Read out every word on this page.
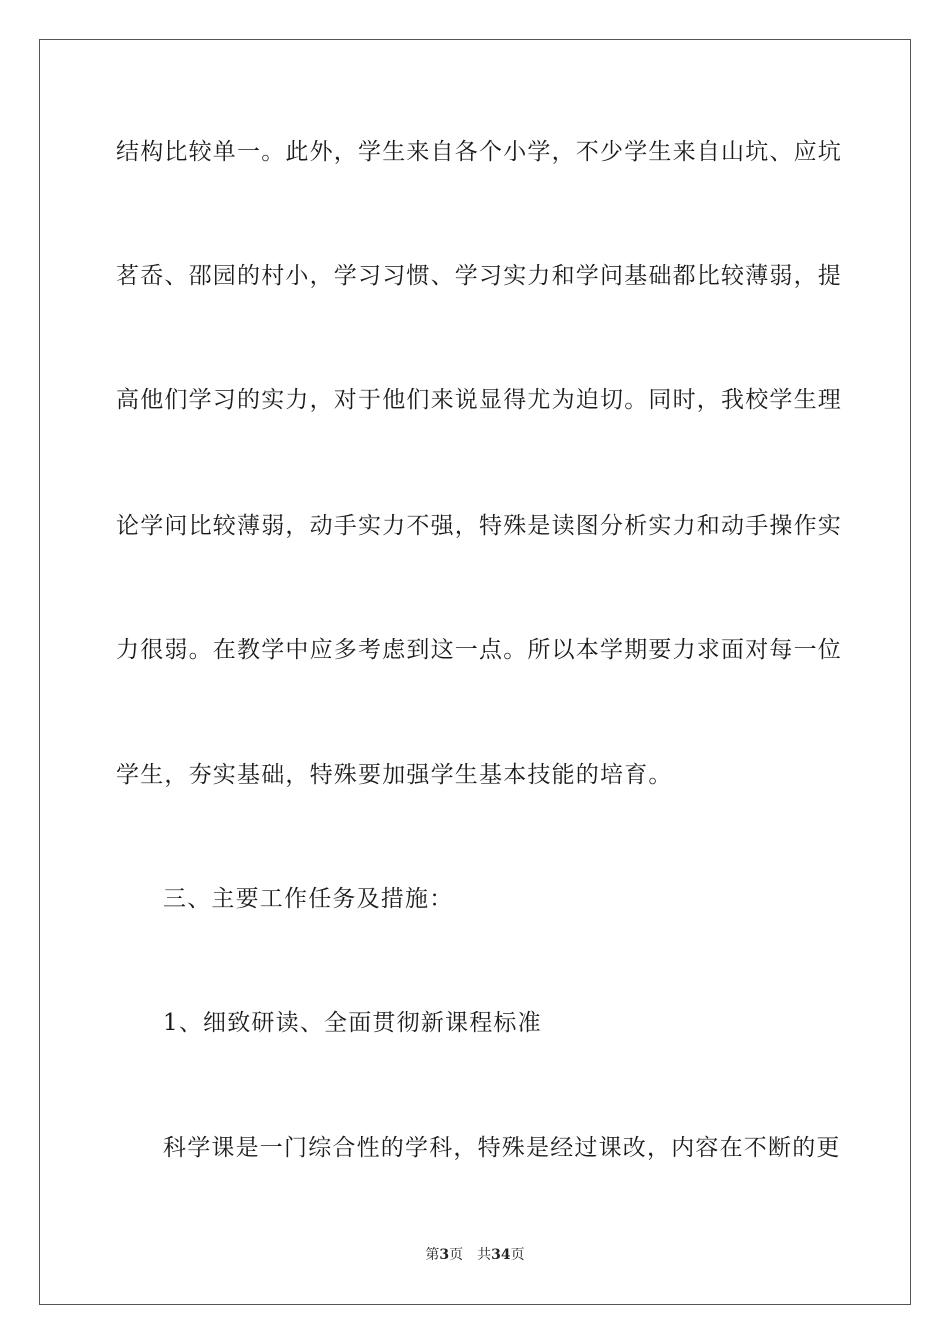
结构比较单一。此外，学生来自各个小学，不少学生来自山坑、应坑
茗岙、邵园的村小，学习习惯、学习实力和学问基础都比较薄弱，提
高他们学习的实力，对于他们来说显得尤为迫切。同时，我校学生理
论学问比较薄弱，动手实力不强，特殊是读图分析实力和动手操作实
力很弱。在教学中应多考虑到这一点。所以本学期要力求面对每一位
学生，夯实基础，特殊要加强学生基本技能的培育。
三、主要工作任务及措施：
1、细致研读、全面贯彻新课程标准
科学课是一门综合性的学科，特殊是经过课改，内容在不断的更
第3页 共34页
